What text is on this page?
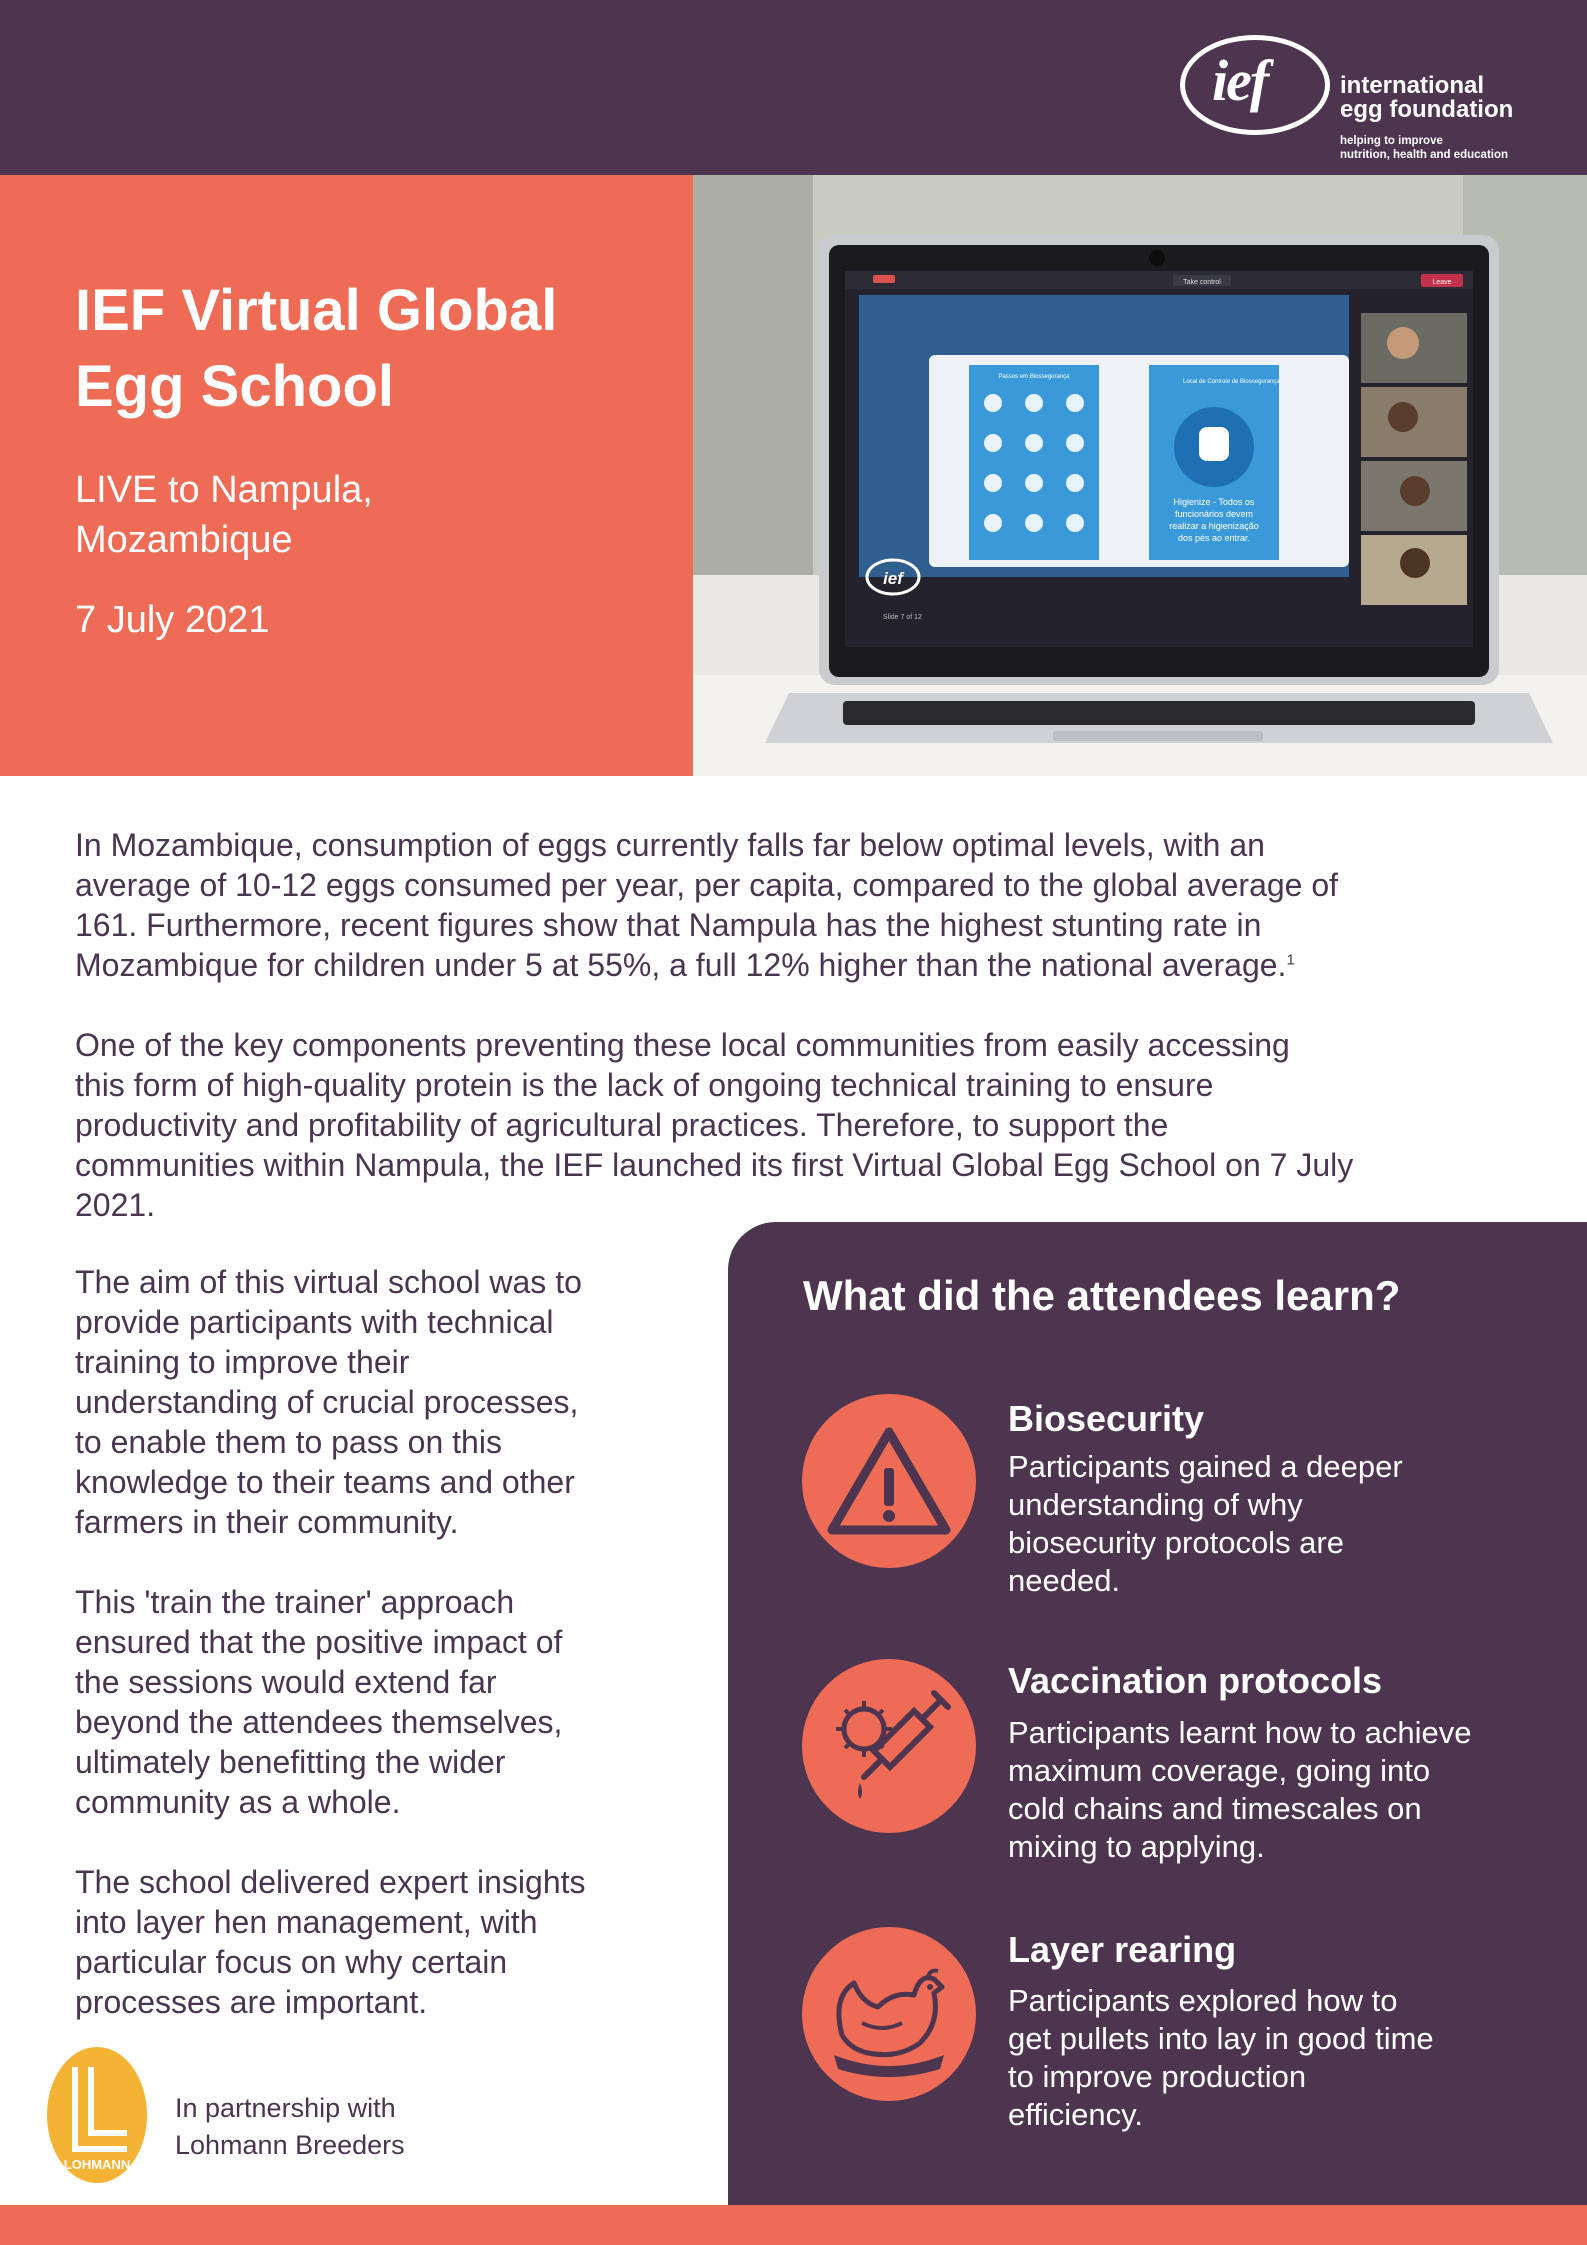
ief	international
egg foundation
helping to improve
nutrition, health and education
IEF Virtual Global
Egg School
LIVE to Nampula,
Mozambique
7 July 2021
Take control	Leave
Passos em Biossegurança
Local de Controle de Biossegurança
Higienize - Todos os
funcionários devem
realizar a higienização
dos pés ao entrar.
ief
Slide 7 of 12

In Mozambique, consumption of eggs currently falls far below optimal levels, with an
average of 10-12 eggs consumed per year, per capita, compared to the global average of
161. Furthermore, recent figures show that Nampula has the highest stunting rate in
Mozambique for children under 5 at 55%, a full 12% higher than the national average.$^1$

One of the key components preventing these local communities from easily accessing
this form of high-quality protein is the lack of ongoing technical training to ensure
productivity and profitability of agricultural practices. Therefore, to support the
communities within Nampula, the IEF launched its first Virtual Global Egg School on 7 July
2021.

The aim of this virtual school was to
provide participants with technical
training to improve their
understanding of crucial processes,
to enable them to pass on this
knowledge to their teams and other
farmers in their community.

This 'train the trainer' approach
ensured that the positive impact of
the sessions would extend far
beyond the attendees themselves,
ultimately benefitting the wider
community as a whole.

The school delivered expert insights
into layer hen management, with
particular focus on why certain
processes are important.

What did the attendees learn?
Biosecurity
Participants gained a deeper
understanding of why
biosecurity protocols are
needed.
Vaccination protocols
Participants learnt how to achieve
maximum coverage, going into
cold chains and timescales on
mixing to applying.
Layer rearing
Participants explored how to
get pullets into lay in good time
to improve production
efficiency.
LOHMANN
In partnership with
Lohmann Breeders
